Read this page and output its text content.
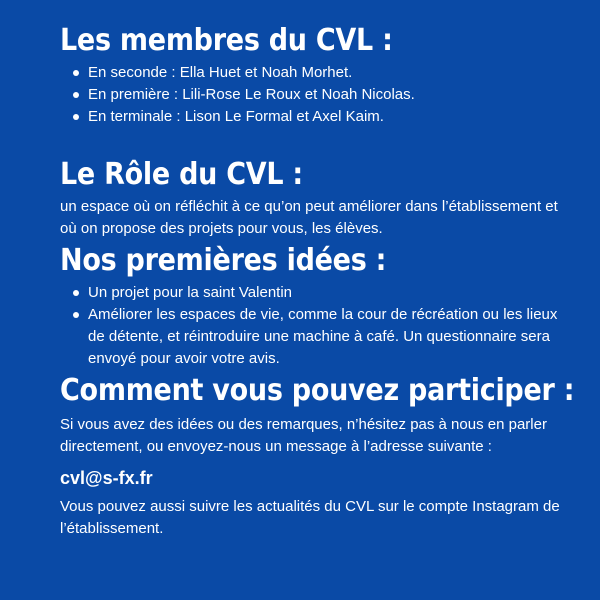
Les membres du CVL :
En seconde : Ella Huet et Noah Morhet.
En première : Lili-Rose Le Roux et Noah Nicolas.
En terminale : Lison Le Formal et Axel Kaim.
Le Rôle du CVL :

un espace où on réfléchit à ce qu’on peut améliorer dans l’établissement et où on propose des projets pour vous, les élèves.

Nos premières idées :
Un projet pour la saint Valentin
Améliorer les espaces de vie, comme la cour de récréation ou les lieux de détente, et réintroduire une machine à café. Un questionnaire sera envoyé pour avoir votre avis.
Comment vous pouvez participer :

Si vous avez des idées ou des remarques, n’hésitez pas à nous en parler directement, ou envoyez-nous un message à l’adresse suivante :

cvl@s-fx.fr

Vous pouvez aussi suivre les actualités du CVL sur le compte Instagram de l’établissement.
